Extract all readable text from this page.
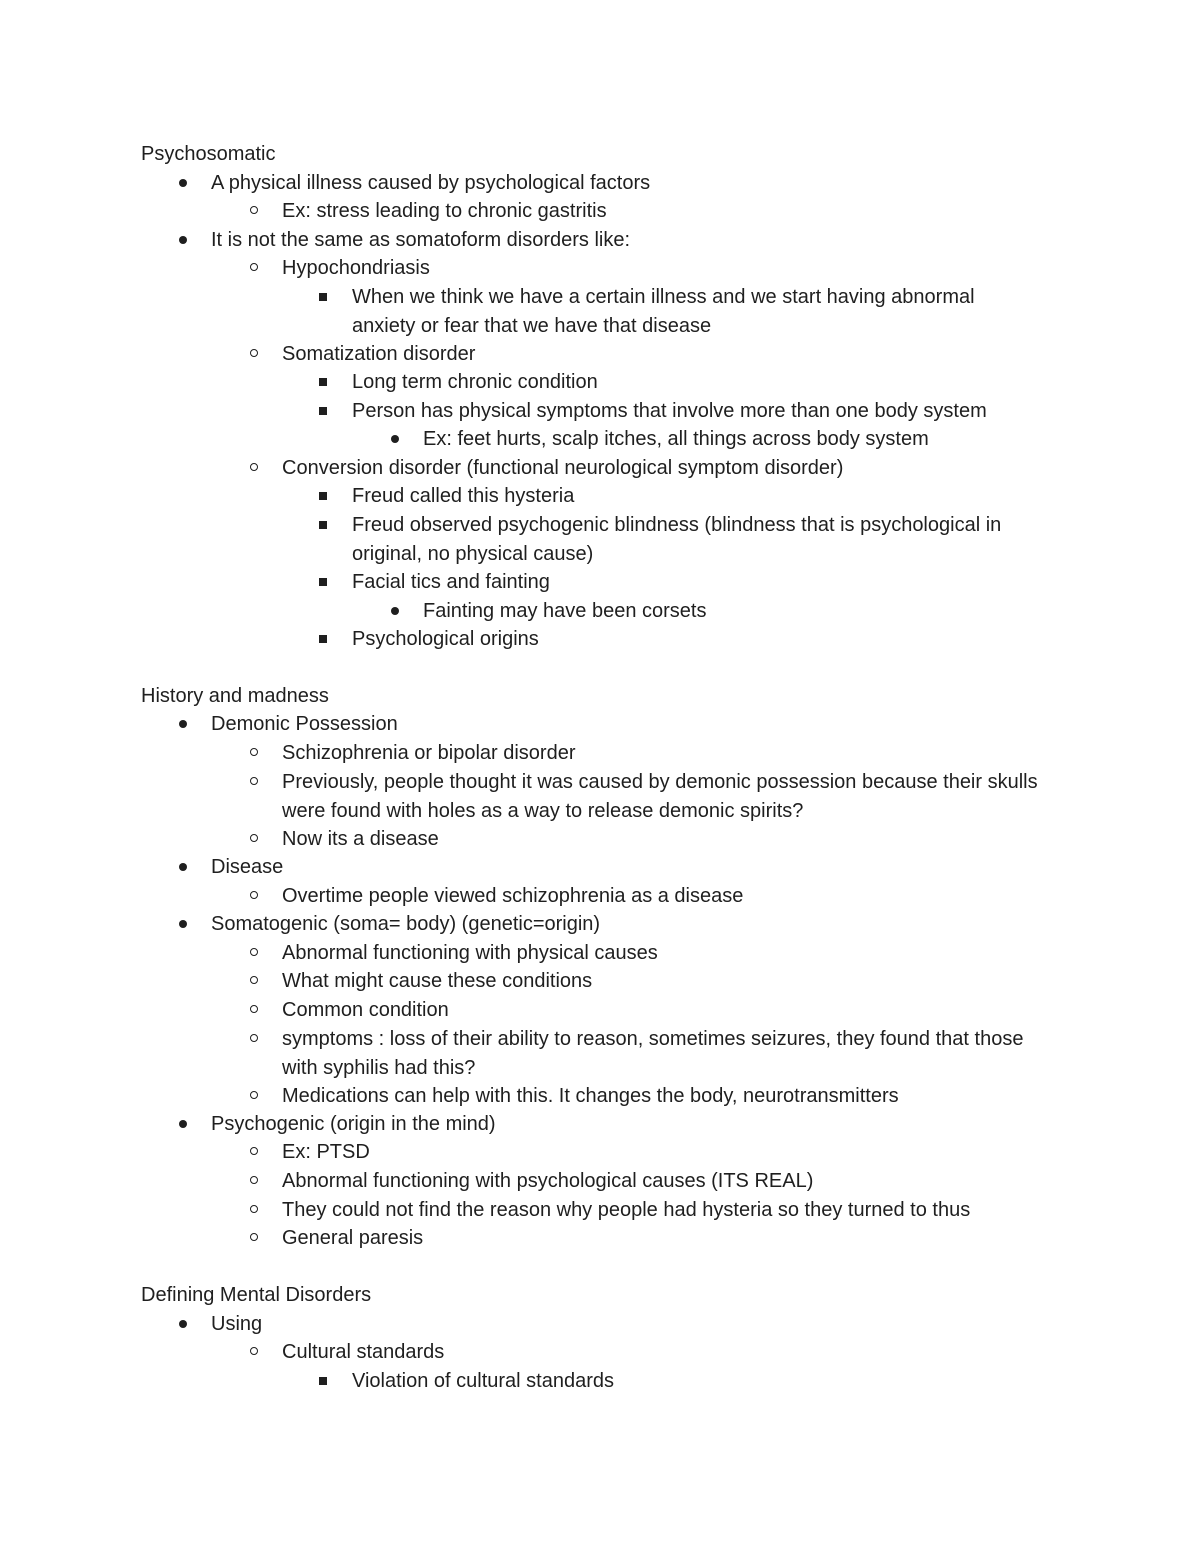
Psychosomatic
A physical illness caused by psychological factors
Ex: stress leading to chronic gastritis
It is not the same as somatoform disorders like:
Hypochondriasis
When we think we have a certain illness and we start having abnormal anxiety or fear that we have that disease
Somatization disorder
Long term chronic condition
Person has physical symptoms that involve more than one body system
Ex: feet hurts, scalp itches, all things across body system
Conversion disorder (functional neurological symptom disorder)
Freud called this hysteria
Freud observed psychogenic blindness (blindness that is psychological in original, no physical cause)
Facial tics and fainting
Fainting may have been corsets
Psychological origins
History and madness
Demonic Possession
Schizophrenia or bipolar disorder
Previously, people thought it was caused by demonic possession because their skulls were found with holes as a way to release demonic spirits?
Now its a disease
Disease
Overtime people viewed schizophrenia as a disease
Somatogenic (soma= body) (genetic=origin)
Abnormal functioning with physical causes
What might cause these conditions
Common condition
symptoms : loss of their ability to reason, sometimes seizures, they found that those with syphilis had this?
Medications can help with this. It changes the body, neurotransmitters
Psychogenic (origin in the mind)
Ex: PTSD
Abnormal functioning with psychological causes (ITS REAL)
They could not find the reason why people had hysteria so they turned to thus
General paresis
Defining Mental Disorders
Using
Cultural standards
Violation of cultural standards
